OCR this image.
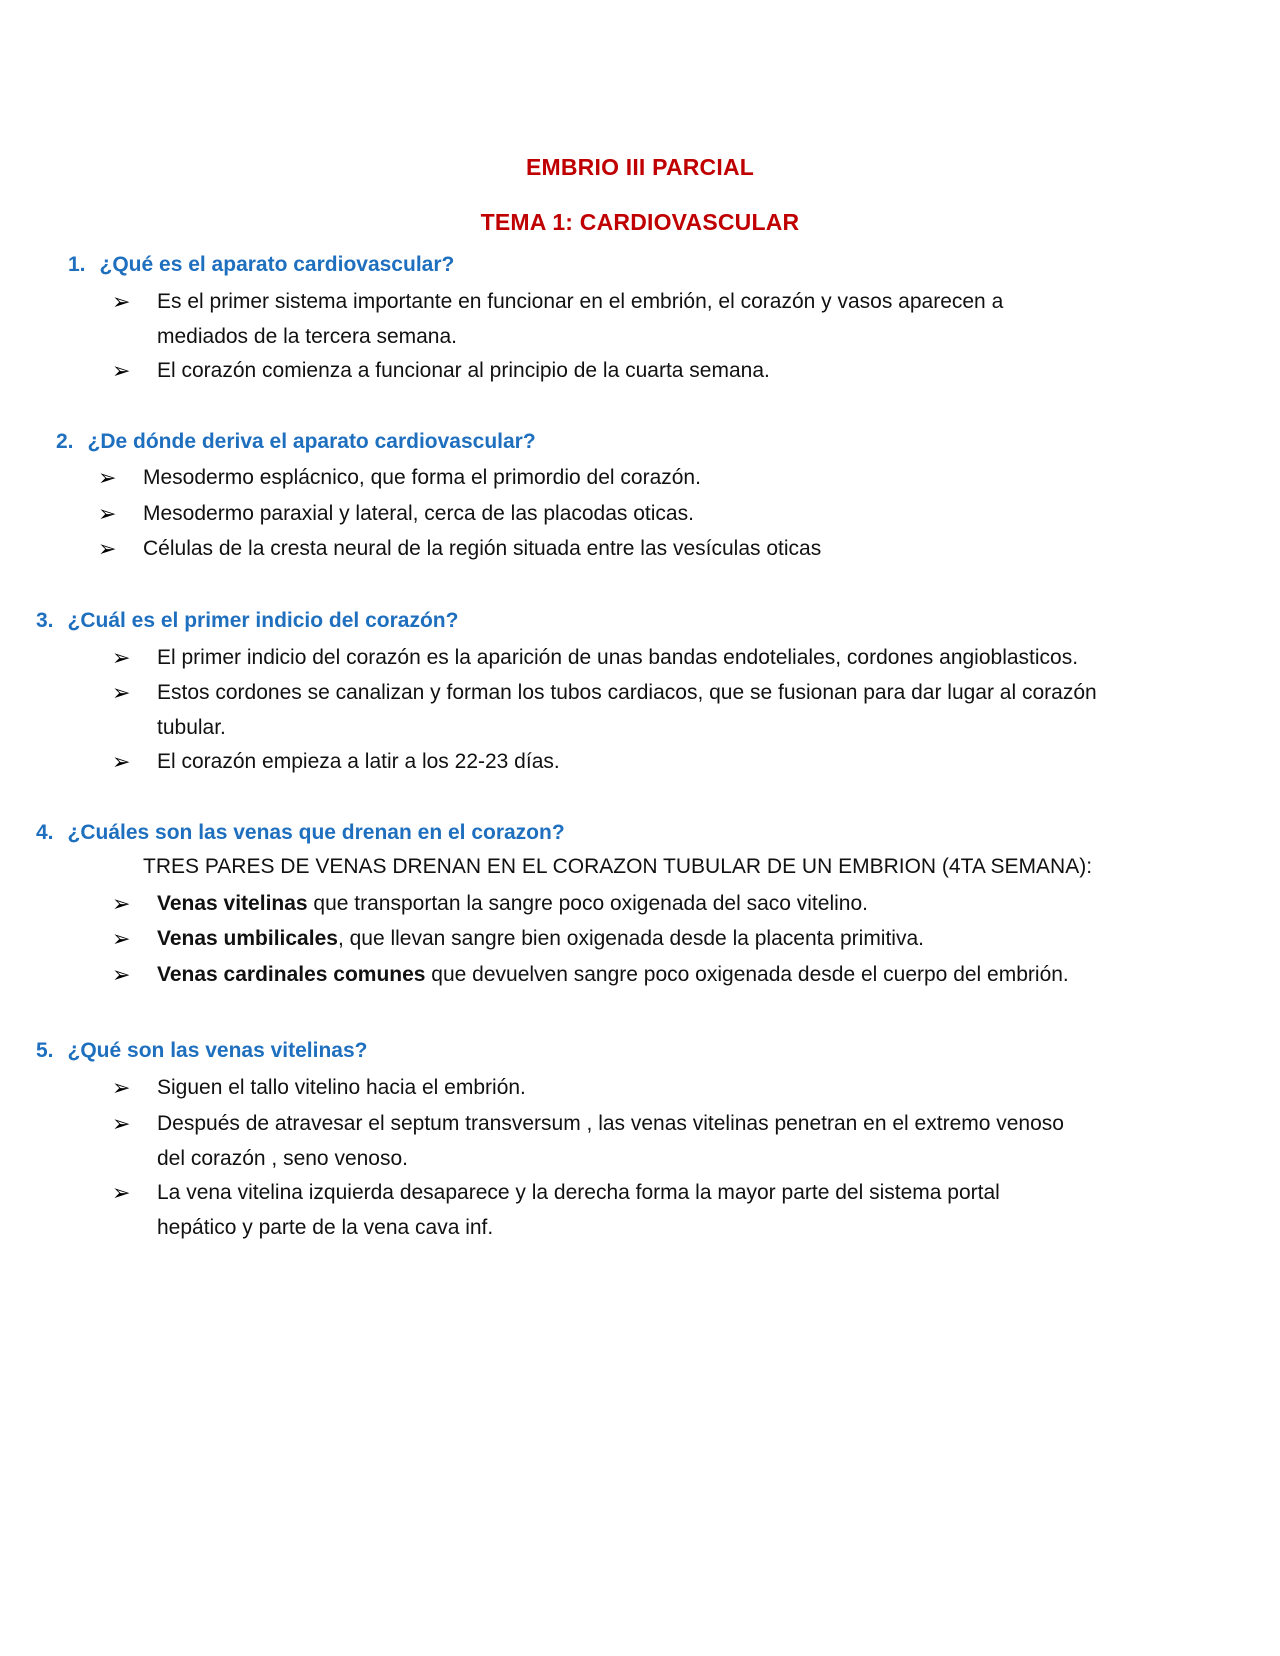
EMBRIO III PARCIAL
TEMA 1: CARDIOVASCULAR
1. ¿Qué es el aparato cardiovascular?
➢ Es el primer sistema importante en funcionar en el embrión, el corazón y vasos aparecen a
mediados de la tercera semana.
➢ El corazón comienza a funcionar al principio de la cuarta semana.
2. ¿De dónde deriva el aparato cardiovascular?
➢ Mesodermo esplácnico, que forma el primordio del corazón.
➢ Mesodermo paraxial y lateral, cerca de las placodas oticas.
➢ Células de la cresta neural de la región situada entre las vesículas oticas
3. ¿Cuál es el primer indicio del corazón?
➢ El primer indicio del corazón es la aparición de unas bandas endoteliales, cordones angioblasticos.
➢ Estos cordones se canalizan y forman los tubos cardiacos, que se fusionan para dar lugar al corazón
tubular.
➢ El corazón empieza a latir a los 22-23 días.
4. ¿Cuáles son las venas que drenan en el corazon?
TRES PARES DE VENAS DRENAN EN EL CORAZON TUBULAR DE UN EMBRION (4TA SEMANA):
➢ Venas vitelinas que transportan la sangre poco oxigenada del saco vitelino.
➢ Venas umbilicales, que llevan sangre bien oxigenada desde la placenta primitiva.
➢ Venas cardinales comunes que devuelven sangre poco oxigenada desde el cuerpo del embrión.
5. ¿Qué son las venas vitelinas?
➢ Siguen el tallo vitelino hacia el embrión.
➢ Después de atravesar el septum transversum , las venas vitelinas penetran en el extremo venoso
del corazón , seno venoso.
➢ La vena vitelina izquierda desaparece y la derecha forma la mayor parte del sistema portal
hepático y parte de la vena cava inf.
